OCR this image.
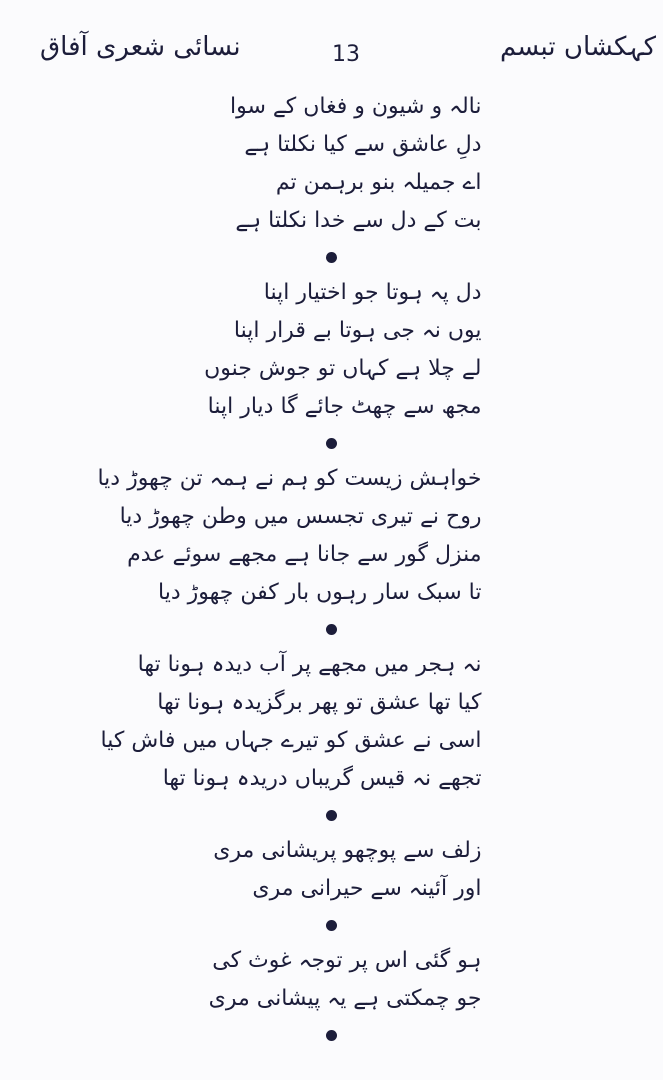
نسائی شعری آفاق	13	کہکشاں تبسم
نالہ و شیون و فغاں کے سوا
دلِ عاشق سے کیا نکلتا ہے
اے جمیلہ بنو برہمن تم
بت کے دل سے خدا نکلتا ہے
دل پہ ہوتا جو اختیار اپنا
یوں نہ جی ہوتا بے قرار اپنا
لے چلا ہے کہاں تو جوش جنوں
مجھ سے چھٹ جائے گا دیار اپنا
خواہش زیست کو ہم نے ہمہ تن چھوڑ دیا
روح نے تیری تجسس میں وطن چھوڑ دیا
منزل گور سے جانا ہے مجھے سوئے عدم
تا سبک سار رہوں بار کفن چھوڑ دیا
نہ ہجر میں مجھے پر آب دیدہ ہونا تھا
کیا تھا عشق تو پھر برگزیدہ ہونا تھا
اسی نے عشق کو تیرے جہاں میں فاش کیا
تجھے نہ قیس گریباں دریدہ ہونا تھا
زلف سے پوچھو پریشانی مری
اور آئینہ سے حیرانی مری
ہو گئی اس پر توجہ غوث کی
جو چمکتی ہے یہ پیشانی مری
